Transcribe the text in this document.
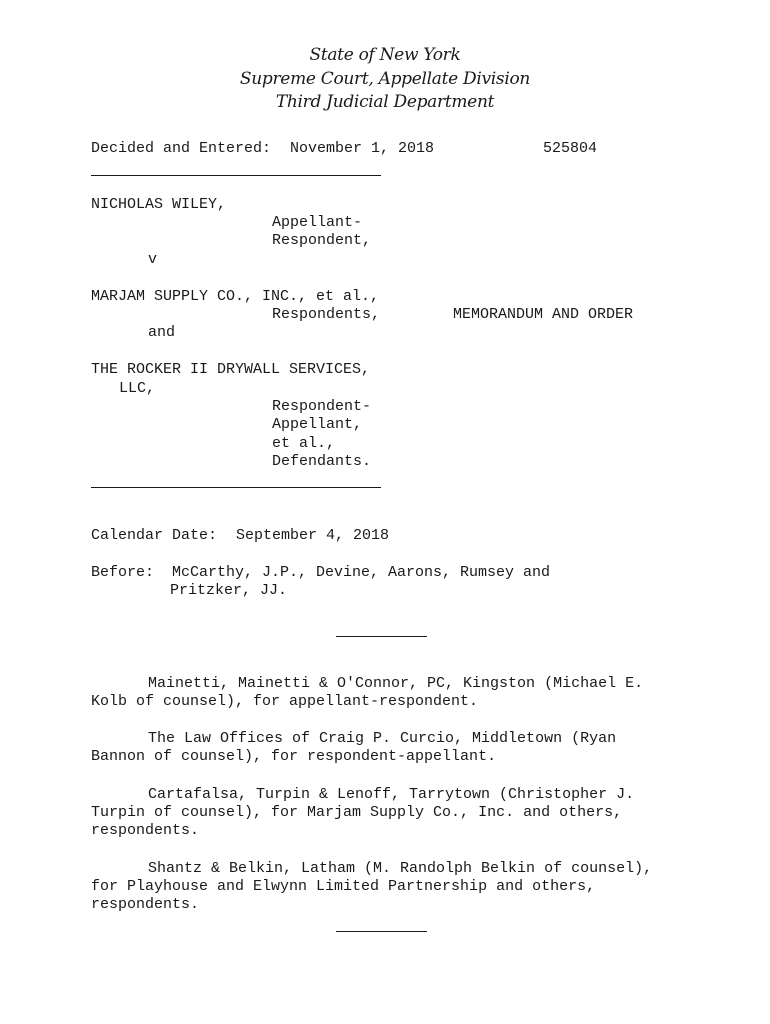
State of New York
Supreme Court, Appellate Division
Third Judicial Department
Decided and Entered: November 1, 2018	525804
NICHOLAS WILEY,
Appellant-
Respondent,
v
MARJAM SUPPLY CO., INC., et al.,
Respondents,	MEMORANDUM AND ORDER
and
THE ROCKER II DRYWALL SERVICES,
LLC,
Respondent-
Appellant,
et al.,
Defendants.
Calendar Date: September 4, 2018
Before: McCarthy, J.P., Devine, Aarons, Rumsey and
Pritzker, JJ.
Mainetti, Mainetti & O'Connor, PC, Kingston (Michael E.
Kolb of counsel), for appellant-respondent.
The Law Offices of Craig P. Curcio, Middletown (Ryan
Bannon of counsel), for respondent-appellant.
Cartafalsa, Turpin & Lenoff, Tarrytown (Christopher J.
Turpin of counsel), for Marjam Supply Co., Inc. and others,
respondents.
Shantz & Belkin, Latham (M. Randolph Belkin of counsel),
for Playhouse and Elwynn Limited Partnership and others,
respondents.
